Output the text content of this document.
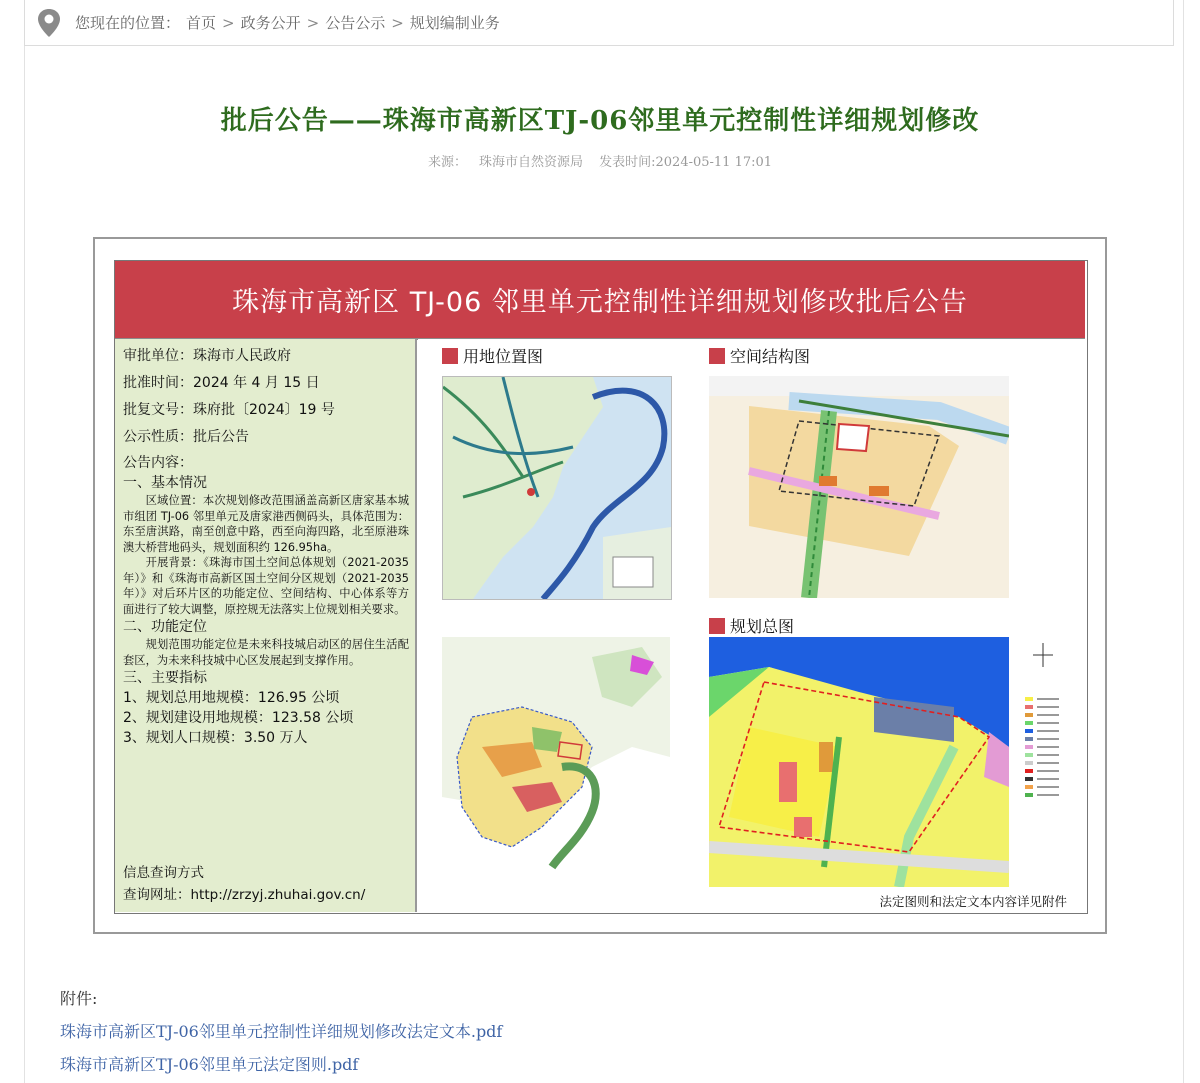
您现在的位置： 首页 > 政务公开 > 公告公示 > 规划编制业务
批后公告——珠海市高新区TJ-06邻里单元控制性详细规划修改
来源： 珠海市自然资源局 发表时间:2024-05-11 17:01
珠海市高新区 TJ-06 邻里单元控制性详细规划修改批后公告
审批单位：珠海市人民政府
批准时间：2024 年 4 月 15 日
批复文号：珠府批〔2024〕19 号
公示性质：批后公告
公告内容：
一、基本情况
区域位置：本次规划修改范围涵盖高新区唐家基本城市组团 TJ-06 邻里单元及唐家港西侧码头，具体范围为：东至唐淇路，南至创意中路，西至向海四路，北至原港珠澳大桥营地码头，规划面积约 126.95ha。
开展背景：《珠海市国土空间总体规划（2021-2035 年）》和《珠海市高新区国土空间分区规划（2021-2035 年）》对后环片区的功能定位、空间结构、中心体系等方面进行了较大调整，原控规无法落实上位规划相关要求。
二、功能定位
规划范围功能定位是未来科技城启动区的居住生活配套区，为未来科技城中心区发展起到支撑作用。
三、主要指标
1、规划总用地规模：126.95 公顷
2、规划建设用地规模：123.58 公顷
3、规划人口规模：3.50 万人
信息查询方式
查询网址：http://zrzyj.zhuhai.gov.cn/
用地位置图	空间结构图
规划总图
法定图则和法定文本内容详见附件
附件:
珠海市高新区TJ-06邻里单元控制性详细规划修改法定文本.pdf
珠海市高新区TJ-06邻里单元法定图则.pdf
